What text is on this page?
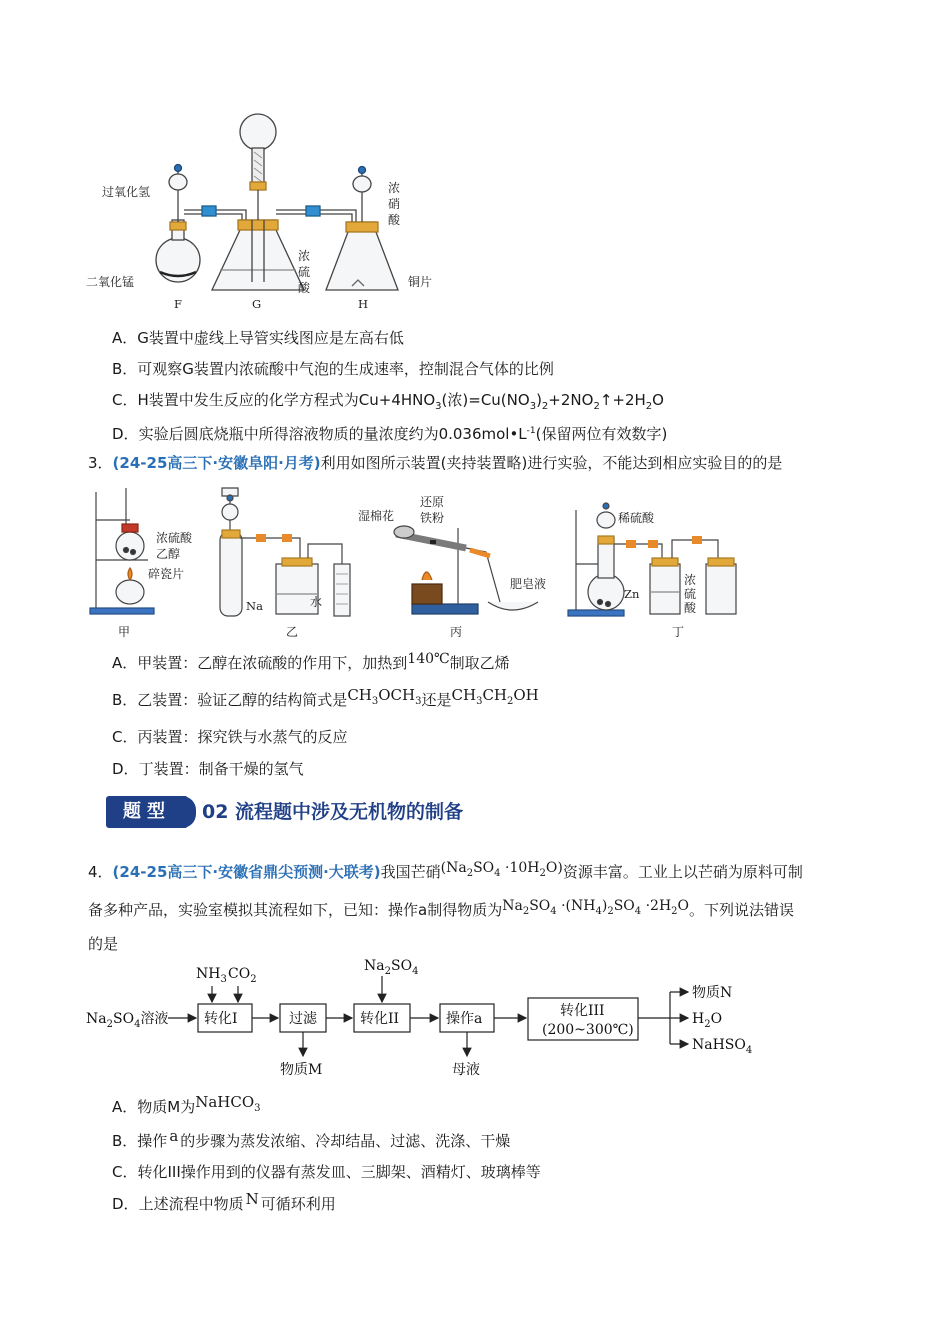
过氧化氢
二氧化锰
F	G	H
铜片
浓
硫
酸
浓
硝
酸
A．G装置中虚线上导管实线图应是左高右低
B．可观察G装置内浓硫酸中气泡的生成速率，控制混合气体的比例
C．H装置中发生反应的化学方程式为$Cu+4HNO_3$(浓)$=Cu(NO_3)_2+2NO_2↑+2H_2O$
D．实验后圆底烧瓶中所得溶液物质的量浓度约为$0.036mol•L^{-1}$(保留两位有效数字)
3．(24-25高三下·安徽阜阳·月考)利用如图所示装置(夹持装置略)进行实验，不能达到相应实验目的的是
甲	乙	丙	丁
浓硫酸
乙醇
碎瓷片
Na	水
湿棉花
还原
铁粉
肥皂液
稀硫酸
Zn
浓
硫
酸
A．甲装置：乙醇在浓硫酸的作用下，加热到140℃制取乙烯
B．乙装置：验证乙醇的结构简式是$CH_3OCH_3$还是$CH_3CH_2OH$
C．丙装置：探究铁与水蒸气的反应
D．丁装置：制备干燥的氢气
题型	02 流程题中涉及无机物的制备
4．(24-25高三下·安徽省鼎尖预测·大联考)我国芒硝$(Na_2SO_4 \cdot 10H_2O)$资源丰富。工业上以芒硝为原料可制
备多种产品，实验室模拟其流程如下，已知：操作a制得物质为$Na_2SO_4 \cdot(NH_4)_2SO_4 \cdot 2H_2O$。下列说法错误
的是
$Na_2SO_4$溶液
$NH_3$ $CO_2$
转化I	过滤	转化II
$Na_2SO_4$
操作a	转化III
(200~300℃)
物质M	母液
物质N
$H_2O$
NaHSO$_4$
A．物质M为NaHCO$_3$
B．操作 a 的步骤为蒸发浓缩、冷却结晶、过滤、洗涤、干燥
C．转化III操作用到的仪器有蒸发皿、三脚架、酒精灯、玻璃棒等
D．上述流程中物质 N 可循环利用
